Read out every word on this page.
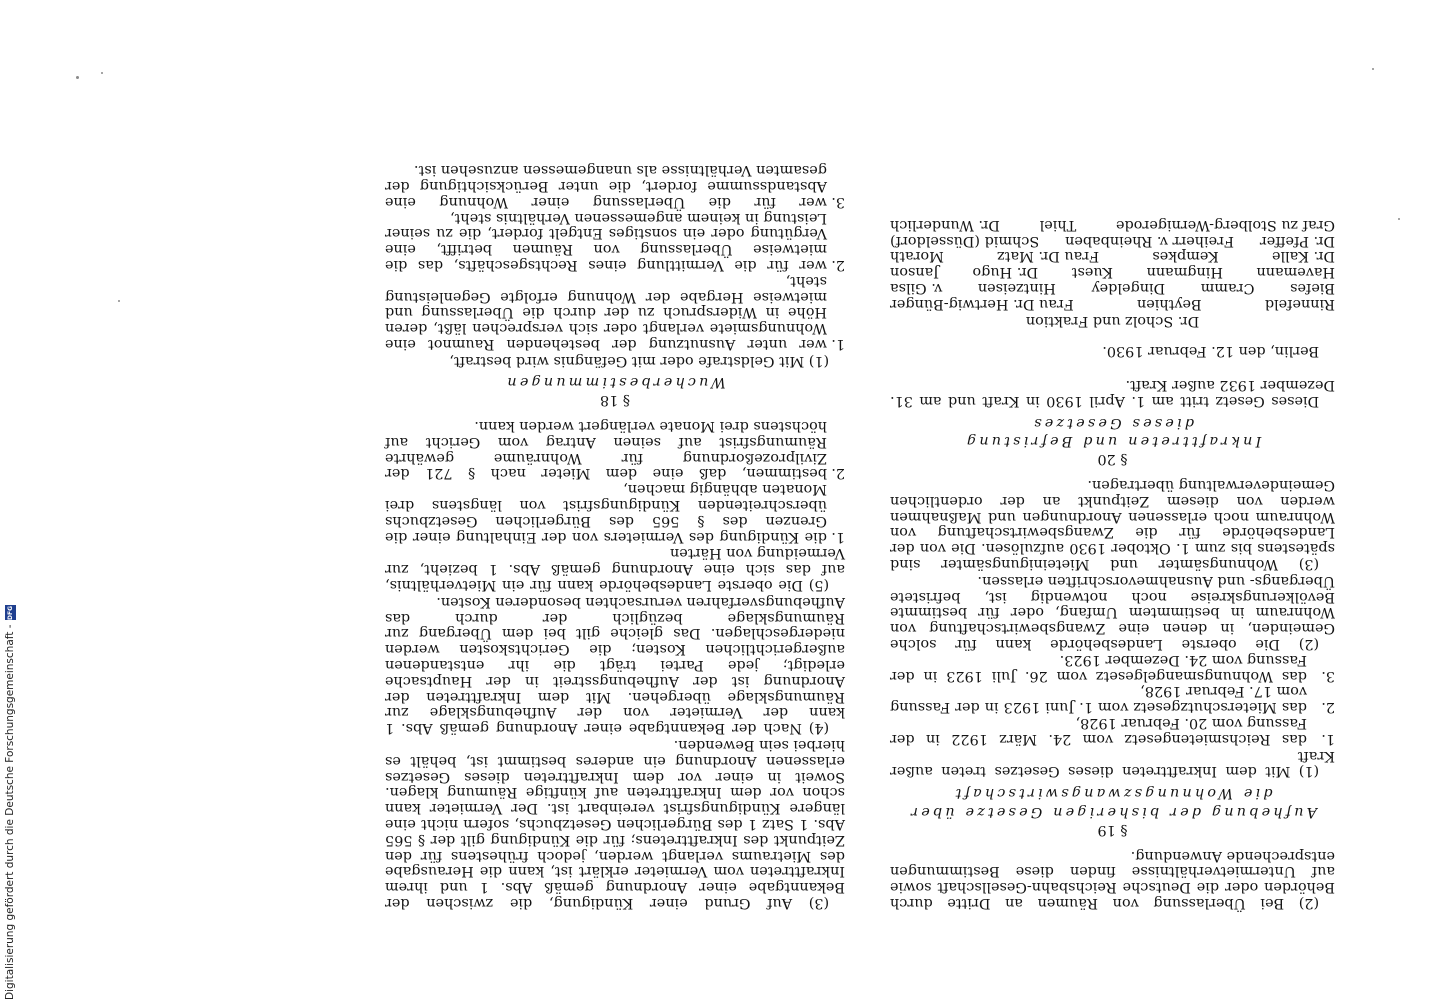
Digitalisierung gefördert durch die Deutsche Forschungsgemeinschaft -
DFG

(2) Bei Überlassung von Räumen an Dritte durch Behörden oder die Deutsche Reichsbahn-Gesellschaft sowie auf Untermietverhältnisse finden diese Bestimmungen entsprechende Anwendung.

§ 19
Aufhebung der bisherigen Gesetze über
die Wohnungszwangswirtschaft

(1) Mit dem Inkrafttreten dieses Gesetzes treten außer Kraft

1.
das Reichsmietengesetz vom 24. März 1922 in der Fassung vom 20. Februar 1928,
2.
das Mieterschutzgesetz vom 1. Juni 1923 in der Fassung vom 17. Februar 1928,
3.
das Wohnungsmangelgesetz vom 26. Juli 1923 in der Fassung vom 24. Dezember 1923.

(2) Die oberste Landesbehörde kann für solche Gemeinden, in denen eine Zwangsbewirtschaftung von Wohnraum in bestimmtem Umfang, oder für bestimmte Bevölkerungskreise noch notwendig ist, befristete Übergangs- und Ausnahmevorschriften erlassen.

(3) Wohnungsämter und Mieteinigungsämter sind spätestens bis zum 1. Oktober 1930 aufzulösen. Die von der Landesbehörde für die Zwangsbewirtschaftung von Wohnraum noch erlassenen Anordnungen und Maßnahmen werden von diesem Zeitpunkt an der ordentlichen Gemeindeverwaltung übertragen.

§ 20
Inkrafttreten und Befristung
dieses Gesetzes

Dieses Gesetz tritt am 1. April 1930 in Kraft und am 31. Dezember 1932 außer Kraft.

Berlin, den 12. Februar 1930.

Dr. Scholz und Fraktion
Rinnefeld
Beythien
Frau Dr. Hertwig-Bünger
Biefes
Cramm
Dingeldey
Hintzeisen
v. Gilsa
Havemann
Hingmann
Kuest
Dr. Hugo
Janson
Dr. Kalle
Kempkes
Frau Dr. Matz
Morath
Dr. Pfeffer
Freiherr v. Rheinbaben
Schmid (Düsseldorf)
Graf zu Stolberg-Wernigerode
Thiel
Dr. Wunderlich

(3) Auf Grund einer Kündigung, die zwischen der Bekanntgabe einer Anordnung gemäß Abs. 1 und ihrem Inkrafttreten vom Vermieter erklärt ist, kann die Herausgabe des Mietraums verlangt werden, jedoch frühestens für den Zeitpunkt des Inkrafttretens; für die Kündigung gilt der § 565 Abs. 1 Satz 1 des Bürgerlichen Gesetzbuchs, sofern nicht eine längere Kündigungsfrist vereinbart ist. Der Vermieter kann schon vor dem Inkrafttreten auf künftige Räumung klagen. Soweit in einer vor dem Inkrafttreten dieses Gesetzes erlassenen Anordnung ein anderes bestimmt ist, behält es hierbei sein Bewenden.

(4) Nach der Bekanntgabe einer Anordnung gemäß Abs. 1 kann der Vermieter von der Aufhebungsklage zur Räumungsklage übergehen. Mit dem Inkrafttreten der Anordnung ist der Aufhebungsstreit in der Hauptsache erledigt; jede Partei trägt die ihr entstandenen außergerichtlichen Kosten; die Gerichtskosten werden niedergeschlagen. Das gleiche gilt bei dem Übergang zur Räumungsklage bezüglich der durch das Aufhebungsverfahren verursachten besonderen Kosten.

(5) Die oberste Landesbehörde kann für ein Mietverhältnis, auf das sich eine Anordnung gemäß Abs. 1 bezieht, zur Vermeidung von Härten

1.
die Kündigung des Vermieters von der Einhaltung einer die Grenzen des § 565 des Bürgerlichen Gesetzbuchs überschreitenden Kündigungsfrist von längstens drei Monaten abhängig machen,
2.
bestimmen, daß eine dem Mieter nach § 721 der Zivilprozeßordnung für Wohnräume gewährte Räumungsfrist auf seinen Antrag vom Gericht auf höchstens drei Monate verlängert werden kann.
§ 18
Wucherbestimmungen

(1) Mit Geldstrafe oder mit Gefängnis wird bestraft,

1.
wer unter Ausnutzung der bestehenden Raumnot eine Wohnungsmiete verlangt oder sich versprechen läßt, deren Höhe in Widerspruch zu der durch die Überlassung und mietweise Hergabe der Wohnung erfolgte Gegenleistung steht,
2.
wer für die Vermittlung eines Rechtsgeschäfts, das die mietweise Überlassung von Räumen betrifft, eine Vergütung oder ein sonstiges Entgelt fordert, die zu seiner Leistung in keinem angemessenen Verhältnis steht,
3.
wer für die Überlassung einer Wohnung eine Abstandssumme fordert, die unter Berücksichtigung der gesamten Verhältnisse als unangemessen anzusehen ist.
